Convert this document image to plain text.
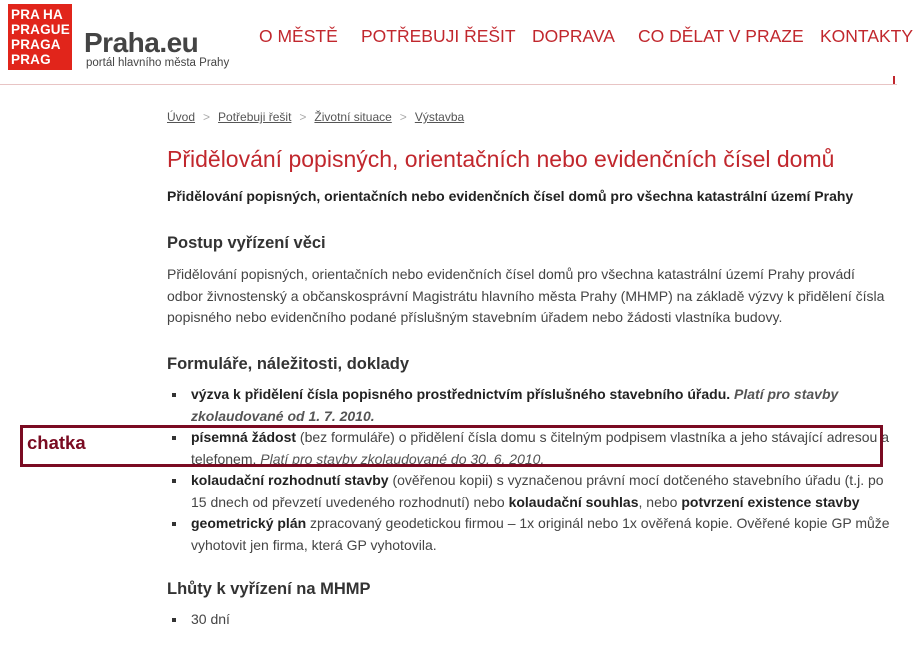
PRA HA
PRAGUE
PRAGA
PRAG
Praha.eu
portál hlavního města Prahy
O MĚSTĚ POTŘEBUJI ŘEŠIT DOPRAVA CO DĚLAT V PRAZE KONTAKTY
Úvod > Potřebuji řešit > Životní situace > Výstavba
Přidělování popisných, orientačních nebo evidenčních čísel domů
Přidělování popisných, orientačních nebo evidenčních čísel domů pro všechna katastrální území Prahy
Postup vyřízení věci

Přidělování popisných, orientačních nebo evidenčních čísel domů pro všechna katastrální území Prahy provádí odbor živnostenský a občanskosprávní Magistrátu hlavního města Prahy (MHMP) na základě výzvy k přidělení čísla popisného nebo evidenčního podané příslušným stavebním úřadem nebo žádosti vlastníka budovy.

Formuláře, náležitosti, doklady
výzva k přidělení čísla popisného prostřednictvím příslušného stavebního úřadu. Platí pro stavby zkolaudované od 1. 7. 2010.
písemná žádost (bez formuláře) o přidělení čísla domu s čitelným podpisem vlastníka a jeho stávající adresou a telefonem. Platí pro stavby zkolaudované do 30. 6. 2010.
kolaudační rozhodnutí stavby (ověřenou kopii) s vyznačenou právní mocí dotčeného stavebního úřadu (t.j. po 15 dnech od převzetí uvedeného rozhodnutí) nebo kolaudační souhlas, nebo potvrzení existence stavby
geometrický plán zpracovaný geodetickou firmou – 1x originál nebo 1x ověřená kopie. Ověřené kopie GP může vyhotovit jen firma, která GP vyhotovila.
Lhůty k vyřízení na MHMP
30 dní
chatka
